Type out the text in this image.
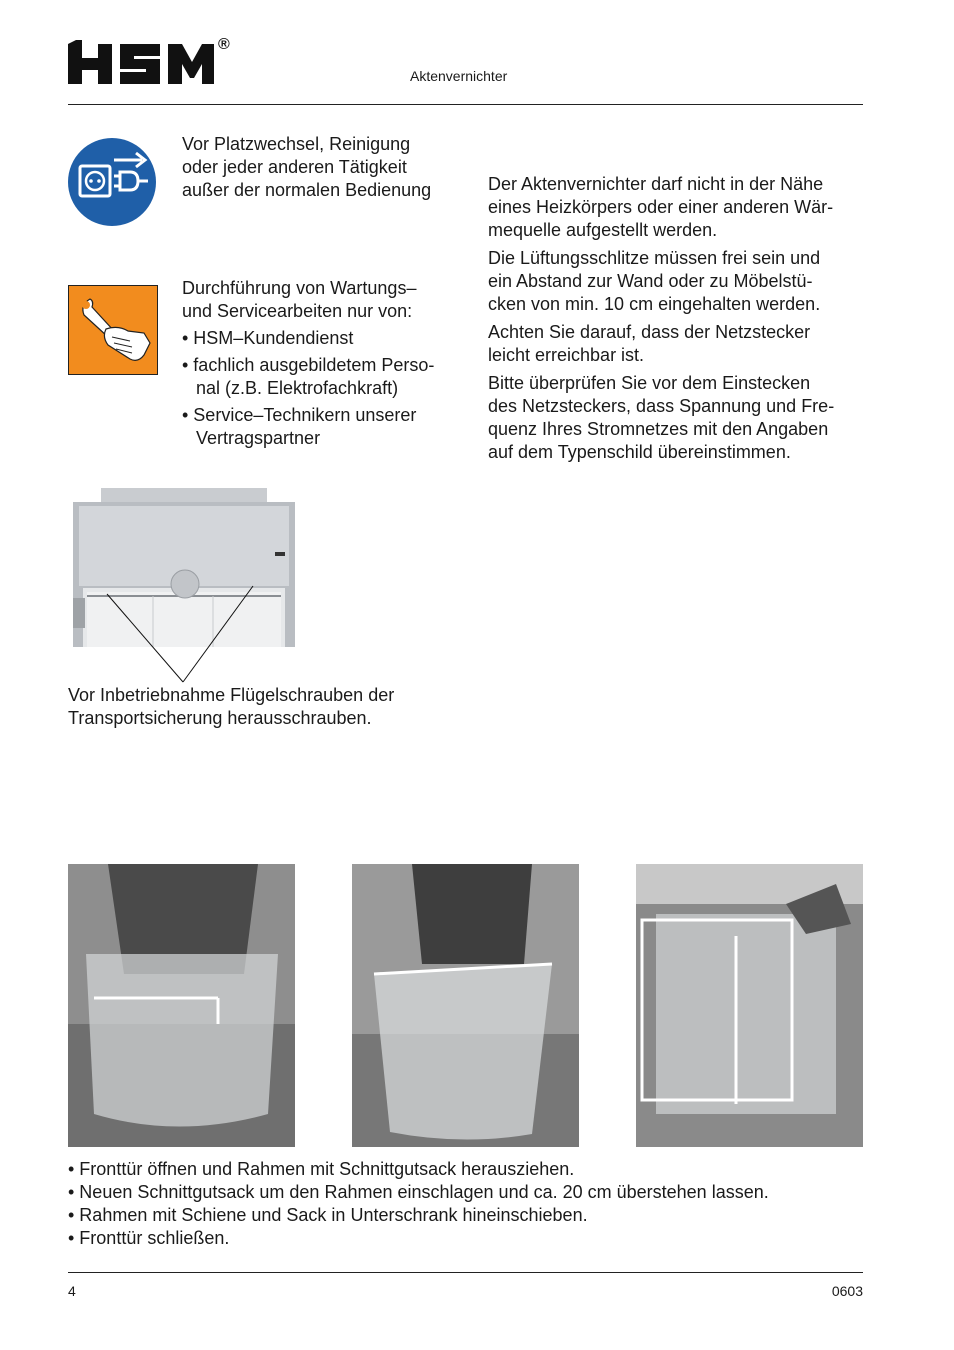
®
Aktenvernichter
Vor Platzwechsel, Reinigung
oder jeder anderen Tätigkeit
außer der normalen Bedienung
Durchführung von Wartungs–
und Servicearbeiten nur von:
• HSM–Kundendienst
• fachlich ausgebildetem Perso-
nal (z.B. Elektrofachkraft)
• Service–Technikern unserer
Vertragspartner
Der Aktenvernichter darf nicht in der Nähe
eines Heizkörpers oder einer anderen Wär-
mequelle aufgestellt werden.
Die Lüftungsschlitze müssen frei sein und
ein Abstand zur Wand oder zu Möbelstü-
cken von min. 10 cm eingehalten werden.
Achten Sie darauf, dass der Netzstecker
leicht erreichbar ist.
Bitte überprüfen Sie vor dem Einstecken
des Netzsteckers, dass Spannung und Fre-
quenz Ihres Stromnetzes mit den Angaben
auf dem Typenschild übereinstimmen.
Vor Inbetriebnahme Flügelschrauben der
Transportsicherung herausschrauben.
• Fronttür öffnen und Rahmen mit Schnittgutsack herausziehen.
• Neuen Schnittgutsack um den Rahmen einschlagen und ca. 20 cm überstehen lassen.
• Rahmen mit Schiene und Sack in Unterschrank hineinschieben.
• Fronttür schließen.
4	0603
